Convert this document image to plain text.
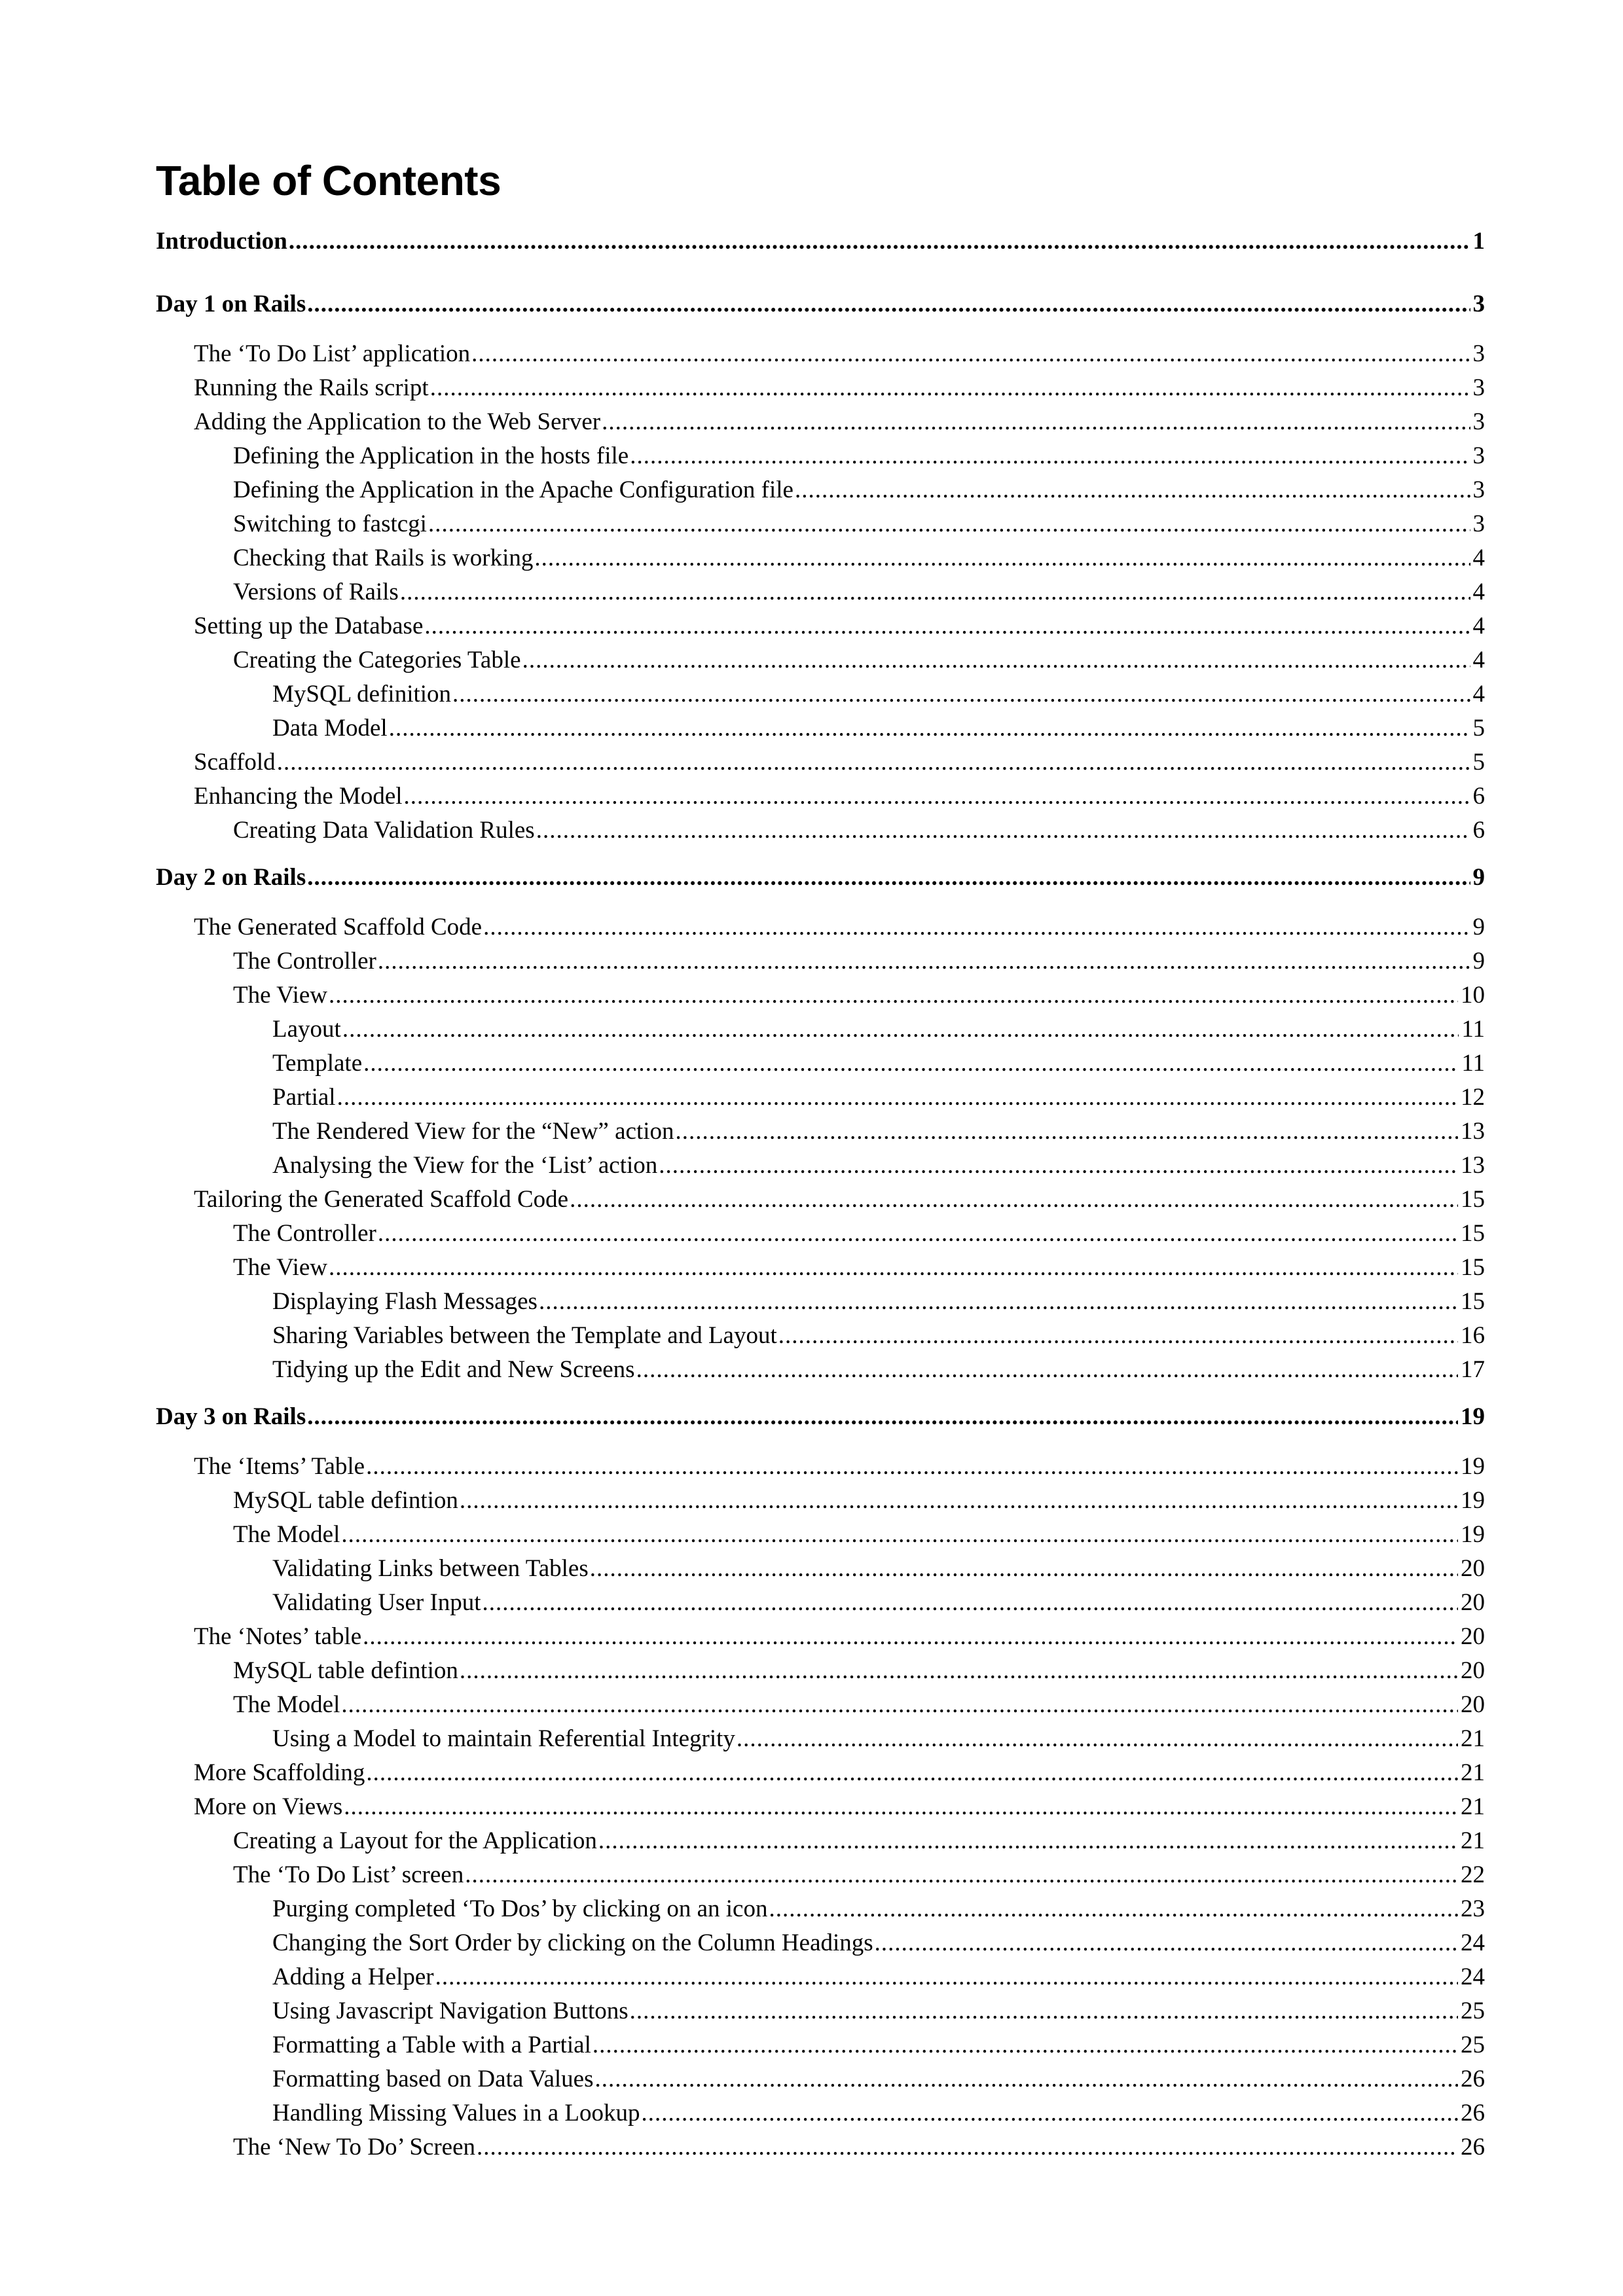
Table of Contents
Introduction .....	1
Day 1 on Rails .....	3
The ‘To Do List’ application .....	3
Running the Rails script .....	3
Adding the Application to the Web Server .....	3
Defining the Application in the hosts file .....	3
Defining the Application in the Apache Configuration file .....	3
Switching to fastcgi .....	3
Checking that Rails is working .....	4
Versions of Rails .....	4
Setting up the Database .....	4
Creating the Categories Table .....	4
MySQL definition .....	4
Data Model .....	5
Scaffold .....	5
Enhancing the Model .....	6
Creating Data Validation Rules .....	6
Day 2 on Rails .....	9
The Generated Scaffold Code .....	9
The Controller .....	9
The View .....	10
Layout .....	11
Template .....	11
Partial .....	12
The Rendered View for the “New” action .....	13
Analysing the View for the ‘List’ action .....	13
Tailoring the Generated Scaffold Code .....	15
The Controller .....	15
The View .....	15
Displaying Flash Messages .....	15
Sharing Variables between the Template and Layout .....	16
Tidying up the Edit and New Screens .....	17
Day 3 on Rails .....	19
The ‘Items’ Table .....	19
MySQL table defintion .....	19
The Model .....	19
Validating Links between Tables .....	20
Validating User Input .....	20
The ‘Notes’ table .....	20
MySQL table defintion .....	20
The Model .....	20
Using a Model to maintain Referential Integrity .....	21
More Scaffolding .....	21
More on Views .....	21
Creating a Layout for the Application .....	21
The ‘To Do List’ screen .....	22
Purging completed ‘To Dos’ by clicking on an icon .....	23
Changing the Sort Order by clicking on the Column Headings .....	24
Adding a Helper .....	24
Using Javascript Navigation Buttons .....	25
Formatting a Table with a Partial .....	25
Formatting based on Data Values .....	26
Handling Missing Values in a Lookup .....	26
The ‘New To Do’ Screen .....	26
